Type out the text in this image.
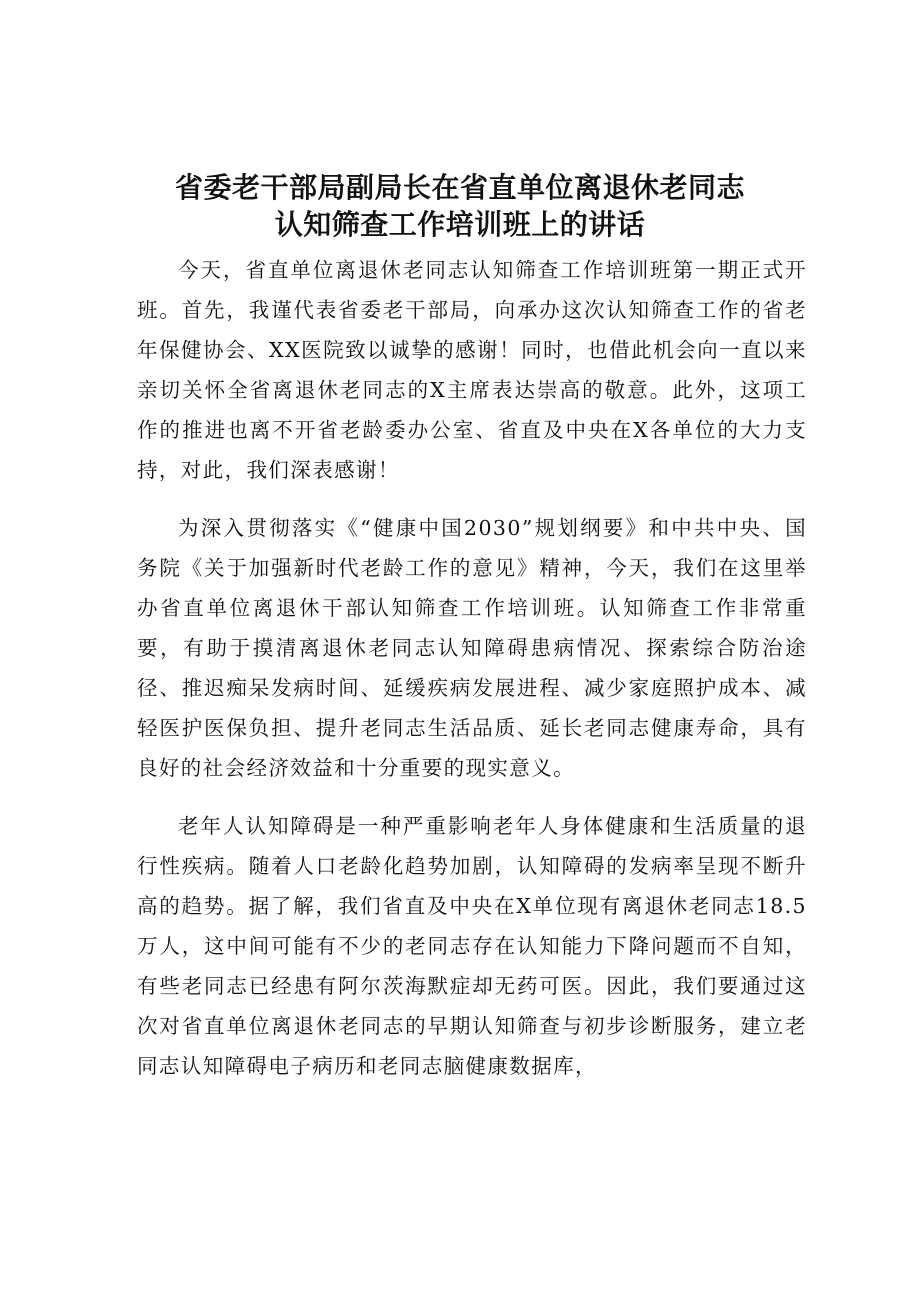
省委老干部局副局长在省直单位离退休老同志
认知筛查工作培训班上的讲话

今天，省直单位离退休老同志认知筛查工作培训班第一期正式开班。首先，我谨代表省委老干部局，向承办这次认知筛查工作的省老年保健协会、XX医院致以诚挚的感谢！同时，也借此机会向一直以来亲切关怀全省离退休老同志的X主席表达崇高的敬意。此外，这项工作的推进也离不开省老龄委办公室、省直及中央在X各单位的大力支持，对此，我们深表感谢！

为深入贯彻落实《“健康中国2030”规划纲要》和中共中央、国务院《关于加强新时代老龄工作的意见》精神，今天，我们在这里举办省直单位离退休干部认知筛查工作培训班。认知筛查工作非常重要，有助于摸清离退休老同志认知障碍患病情况、探索综合防治途径、推迟痴呆发病时间、延缓疾病发展进程、减少家庭照护成本、减轻医护医保负担、提升老同志生活品质、延长老同志健康寿命，具有良好的社会经济效益和十分重要的现实意义。

老年人认知障碍是一种严重影响老年人身体健康和生活质量的退行性疾病。随着人口老龄化趋势加剧，认知障碍的发病率呈现不断升高的趋势。据了解，我们省直及中央在X单位现有离退休老同志18.5万人，这中间可能有不少的老同志存在认知能力下降问题而不自知，有些老同志已经患有阿尔茨海默症却无药可医。因此，我们要通过这次对省直单位离退休老同志的早期认知筛查与初步诊断服务，建立老同志认知障碍电子病历和老同志脑健康数据库，
